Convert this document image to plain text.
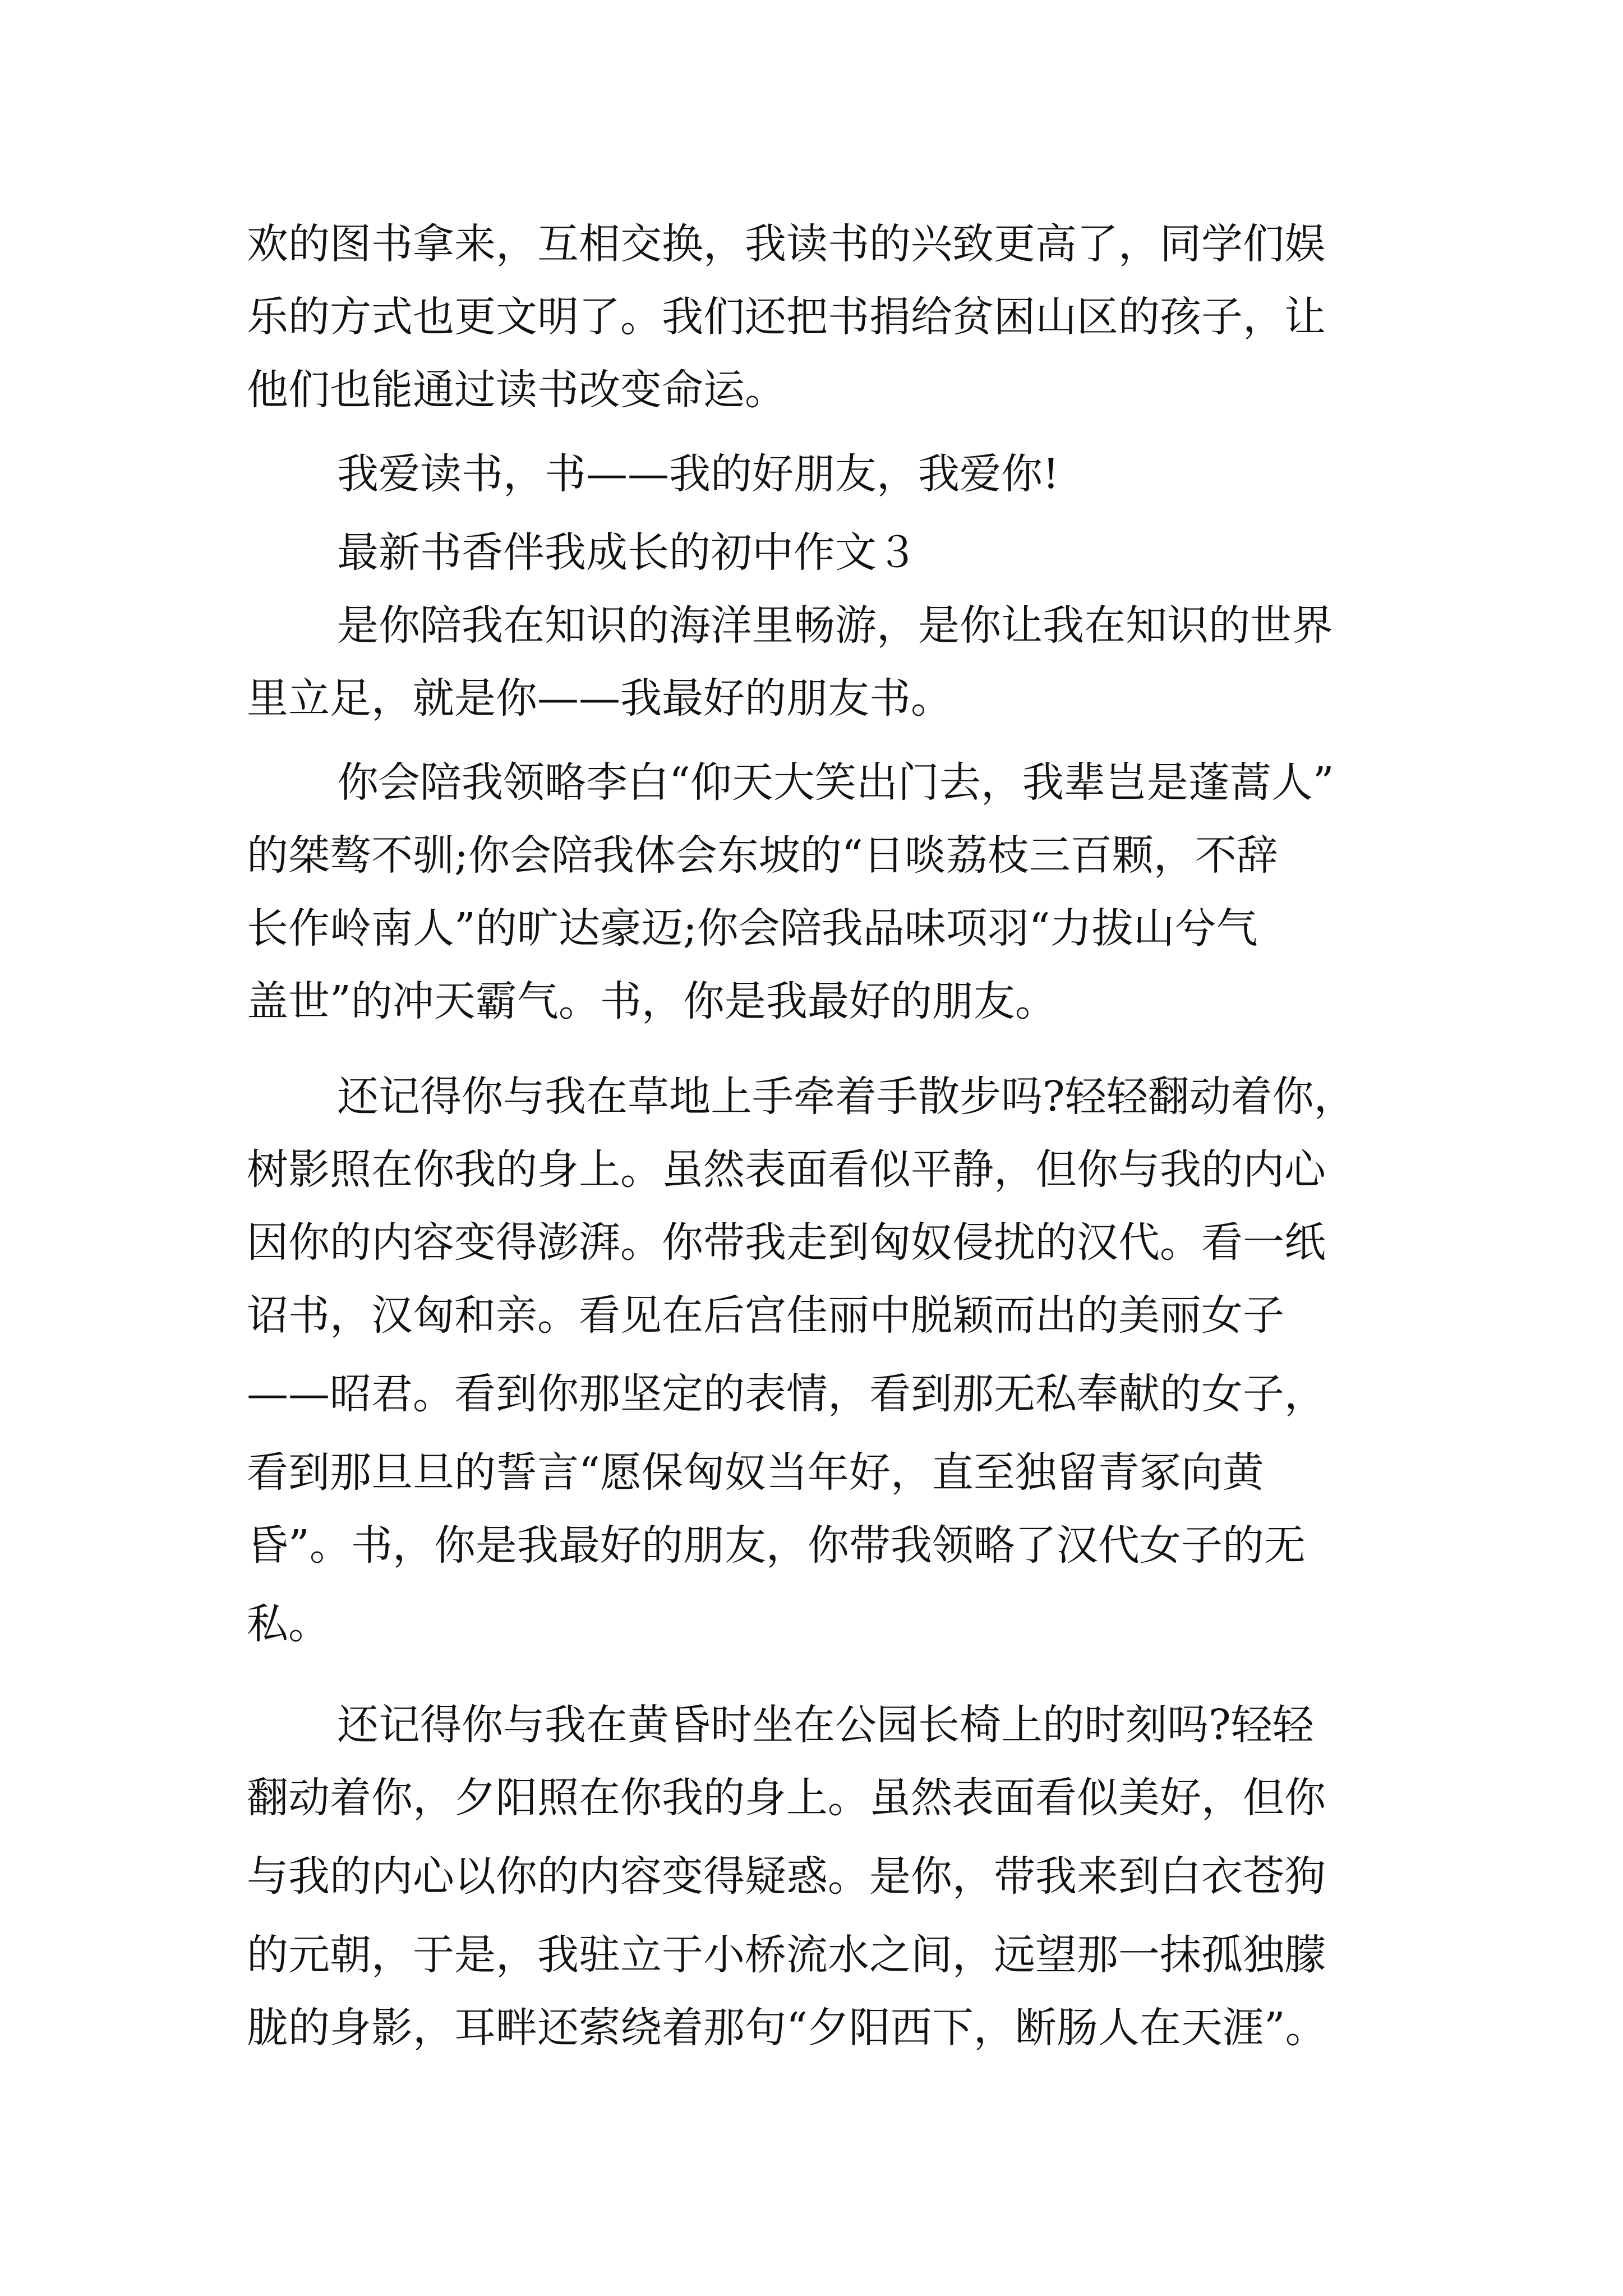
欢的图书拿来，互相交换，我读书的兴致更高了，同学们娱

乐的方式也更文明了。我们还把书捐给贫困山区的孩子，让

他们也能通过读书改变命运。

我爱读书，书——我的好朋友，我爱你!

最新书香伴我成长的初中作文３

是你陪我在知识的海洋里畅游，是你让我在知识的世界

里立足，就是你——我最好的朋友书。

你会陪我领略李白“仰天大笑出门去，我辈岂是蓬蒿人”

的桀骜不驯;你会陪我体会东坡的“日啖荔枝三百颗，不辞

长作岭南人”的旷达豪迈;你会陪我品味项羽“力拔山兮气

盖世”的冲天霸气。书，你是我最好的朋友。

还记得你与我在草地上手牵着手散步吗?轻轻翻动着你，

树影照在你我的身上。虽然表面看似平静，但你与我的内心

因你的内容变得澎湃。你带我走到匈奴侵扰的汉代。看一纸

诏书，汉匈和亲。看见在后宫佳丽中脱颖而出的美丽女子

——昭君。看到你那坚定的表情，看到那无私奉献的女子，

看到那旦旦的誓言“愿保匈奴当年好，直至独留青冢向黄

昏”。书，你是我最好的朋友，你带我领略了汉代女子的无

私。

还记得你与我在黄昏时坐在公园长椅上的时刻吗?轻轻

翻动着你，夕阳照在你我的身上。虽然表面看似美好，但你

与我的内心以你的内容变得疑惑。是你，带我来到白衣苍狗

的元朝，于是，我驻立于小桥流水之间，远望那一抹孤独朦

胧的身影，耳畔还萦绕着那句“夕阳西下，断肠人在天涯”。
